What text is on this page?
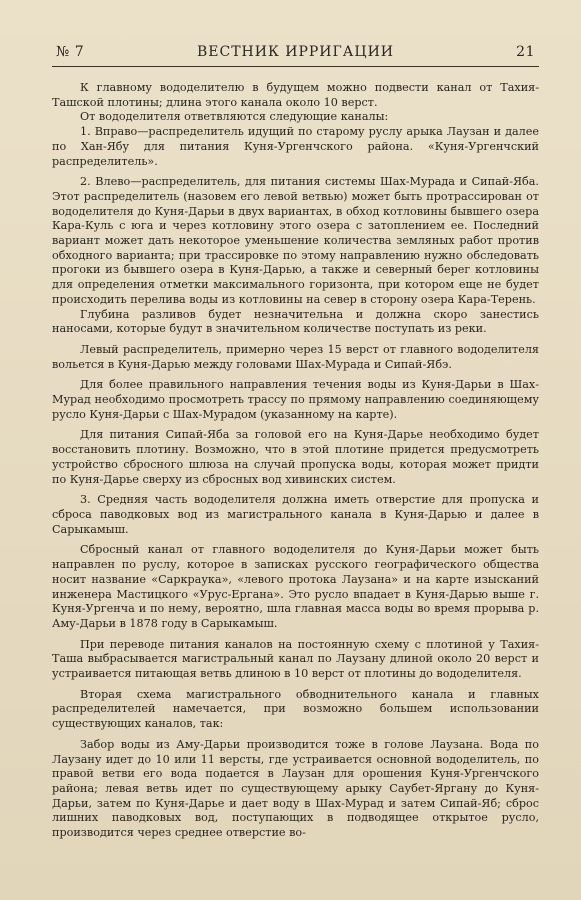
№ 7	ВЕСТНИК ИРРИГАЦИИ	21

К главному вододелителю в будущем можно подвести канал от Тахия-Ташской плотины; длина этого канала около 10 верст.

От вододелителя ответвляются следующие каналы:

1. Вправо—распределитель идущий по старому руслу арыка Лаузан и далее по Хан-Ябу для питания Куня-Ургенчского района. «Куня-Ургенчский распределитель».

2. Влево—распределитель, для питания системы Шах-Мурада и Сипай-Яба. Этот распределитель (назовем его левой ветвью) может быть протрассирован от вододелителя до Куня-Дарьи в двух вариантах, в обход котловины бывшего озера Кара-Куль с юга и через котловину этого озера с затоплением ее. Последний вариант может дать некоторое уменьшение количества земляных работ против обходного варианта; при трассировке по этому направлению нужно обследовать прогоки из бывшего озера в Куня-Дарью, а также и северный берег котловины для определения отметки максимального горизонта, при котором еще не будет происходить перелива воды из котловины на север в сторону озера Кара-Терень.

Глубина разливов будет незначительна и должна скоро занестись наносами, которые будут в значительном количестве поступать из реки.

Левый распределитель, примерно через 15 верст от главного вододелителя вольется в Куня-Дарью между головами Шах-Мурада и Сипай-Ябэ.

Для более правильного направления течения воды из Куня-Дарьи в Шах-Мурад необходимо просмотреть трассу по прямому направлению соединяющему русло Куня-Дарьи с Шах-Мурадом (указанному на карте).

Для питания Сипай-Яба за головой его на Куня-Дарье необходимо будет восстановить плотину. Возможно, что в этой плотине придется предусмотреть устройство сбросного шлюза на случай пропуска воды, которая может придти по Куня-Дарье сверху из сбросных вод хивинских систем.

3. Средняя часть вододелителя должна иметь отверстие для пропуска и сброса паводковых вод из магистрального канала в Куня-Дарью и далее в Сарыкамыш.

Сбросный канал от главного вододелителя до Куня-Дарьи может быть направлен по руслу, которое в записках русского географического общества носит название «Саркраука», «левого протока Лаузана» и на карте изысканий инженера Мастицкого «Урус-Ергана». Это русло впадает в Куня-Дарью выше г. Куня-Ургенча и по нему, вероятно, шла главная масса воды во время прорыва р. Аму-Дарьи в 1878 году в Сарыкамыш.

При переводе питания каналов на постоянную схему с плотиной у Тахия-Таша выбрасывается магистральный канал по Лаузану длиной около 20 верст и устраивается питающая ветвь длиною в 10 верст от плотины до вододелителя.

Вторая схема магистрального обводнительного канала и главных распределителей намечается, при возможно большем использовании существующих каналов, так:

Забор воды из Аму-Дарьи производится тоже в голове Лаузана. Вода по Лаузану идет до 10 или 11 версты, где устраивается основной вододелитель, по правой ветви его вода подается в Лаузан для орошения Куня-Ургенчского района; левая ветвь идет по существующему арыку Саубет-Яргану до Куня-Дарьи, затем по Куня-Дарье и дает воду в Шах-Мурад и затем Сипай-Яб; сброс лишних паводковых вод, поступающих в подводящее открытое русло, производится через среднее отверстие во-
